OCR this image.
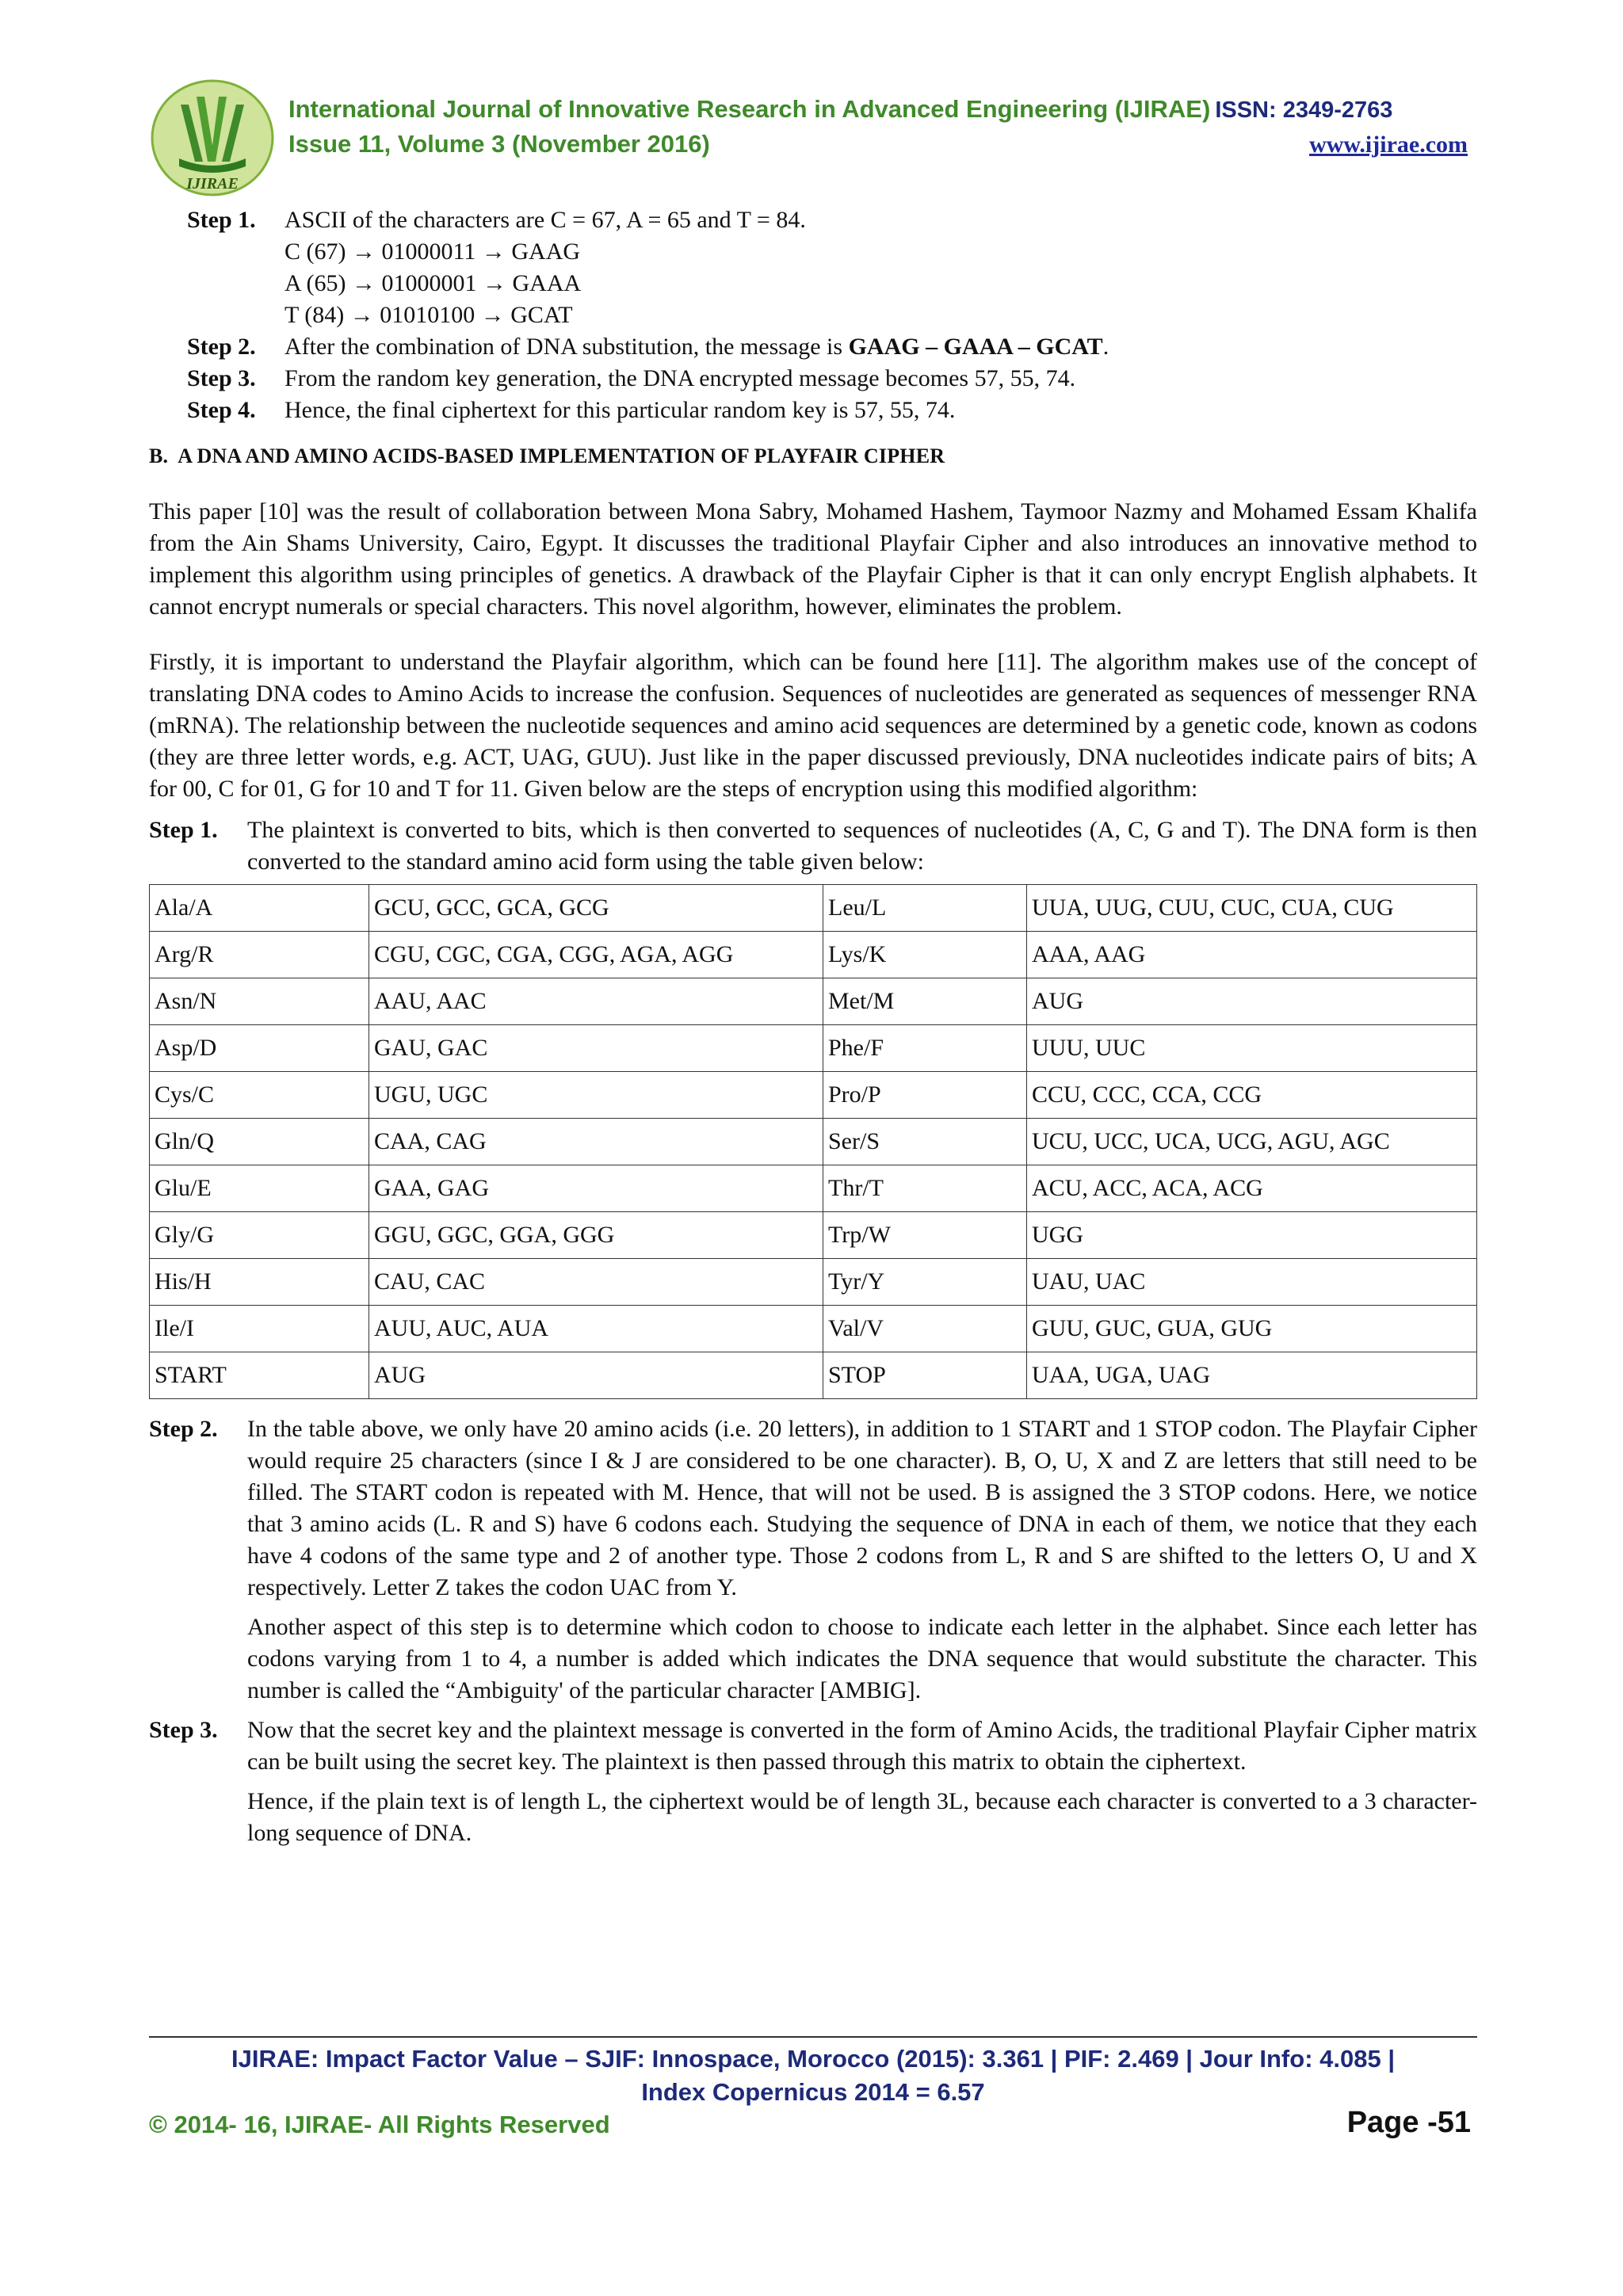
IJIRAE
International Journal of Innovative Research in Advanced Engineering (IJIRAE) ISSN: 2349-2763
Issue 11, Volume 3 (November 2016)	www.ijirae.com
Step 1.	ASCII of the characters are C = 67, A = 65 and T = 84.
C (67) → 01000011 → GAAG
A (65) → 01000001 → GAAA
T (84) → 01010100 → GCAT
Step 2.	After the combination of DNA substitution, the message is GAAG – GAAA – GCAT.
Step 3.	From the random key generation, the DNA encrypted message becomes 57, 55, 74.
Step 4.	Hence, the final ciphertext for this particular random key is 57, 55, 74.
B. A DNA AND AMINO ACIDS-BASED IMPLEMENTATION OF PLAYFAIR CIPHER

This paper [10] was the result of collaboration between Mona Sabry, Mohamed Hashem, Taymoor Nazmy and Mohamed Essam Khalifa from the Ain Shams University, Cairo, Egypt. It discusses the traditional Playfair Cipher and also introduces an innovative method to implement this algorithm using principles of genetics. A drawback of the Playfair Cipher is that it can only encrypt English alphabets. It cannot encrypt numerals or special characters. This novel algorithm, however, eliminates the problem.

Firstly, it is important to understand the Playfair algorithm, which can be found here [11]. The algorithm makes use of the concept of translating DNA codes to Amino Acids to increase the confusion. Sequences of nucleotides are generated as sequences of messenger RNA (mRNA). The relationship between the nucleotide sequences and amino acid sequences are determined by a genetic code, known as codons (they are three letter words, e.g. ACT, UAG, GUU). Just like in the paper discussed previously, DNA nucleotides indicate pairs of bits; A for 00, C for 01, G for 10 and T for 11. Given below are the steps of encryption using this modified algorithm:

Step 1.	The plaintext is converted to bits, which is then converted to sequences of nucleotides (A, C, G and T). The DNA form is then converted to the standard amino acid form using the table given below:
Ala/A	GCU, GCC, GCA, GCG	Leu/L	UUA, UUG, CUU, CUC, CUA, CUG
Arg/R	CGU, CGC, CGA, CGG, AGA, AGG	Lys/K	AAA, AAG
Asn/N	AAU, AAC	Met/M	AUG
Asp/D	GAU, GAC	Phe/F	UUU, UUC
Cys/C	UGU, UGC	Pro/P	CCU, CCC, CCA, CCG
Gln/Q	CAA, CAG	Ser/S	UCU, UCC, UCA, UCG, AGU, AGC
Glu/E	GAA, GAG	Thr/T	ACU, ACC, ACA, ACG
Gly/G	GGU, GGC, GGA, GGG	Trp/W	UGG
His/H	CAU, CAC	Tyr/Y	UAU, UAC
Ile/I	AUU, AUC, AUA	Val/V	GUU, GUC, GUA, GUG
START	AUG	STOP	UAA, UGA, UAG
Step 2.	In the table above, we only have 20 amino acids (i.e. 20 letters), in addition to 1 START and 1 STOP codon. The Playfair Cipher would require 25 characters (since I & J are considered to be one character). B, O, U, X and Z are letters that still need to be filled. The START codon is repeated with M. Hence, that will not be used. B is assigned the 3 STOP codons. Here, we notice that 3 amino acids (L. R and S) have 6 codons each. Studying the sequence of DNA in each of them, we notice that they each have 4 codons of the same type and 2 of another type. Those 2 codons from L, R and S are shifted to the letters O, U and X respectively. Letter Z takes the codon UAC from Y.

Another aspect of this step is to determine which codon to choose to indicate each letter in the alphabet. Since each letter has codons varying from 1 to 4, a number is added which indicates the DNA sequence that would substitute the character. This number is called the “Ambiguity' of the particular character [AMBIG].

Step 3.	Now that the secret key and the plaintext message is converted in the form of Amino Acids, the traditional Playfair Cipher matrix can be built using the secret key. The plaintext is then passed through this matrix to obtain the ciphertext.

Hence, if the plain text is of length L, the ciphertext would be of length 3L, because each character is converted to a 3 character-long sequence of DNA.

IJIRAE: Impact Factor Value – SJIF: Innospace, Morocco (2015): 3.361 | PIF: 2.469 | Jour Info: 4.085 |
Index Copernicus 2014 = 6.57
© 2014- 16, IJIRAE- All Rights Reserved	Page -51
